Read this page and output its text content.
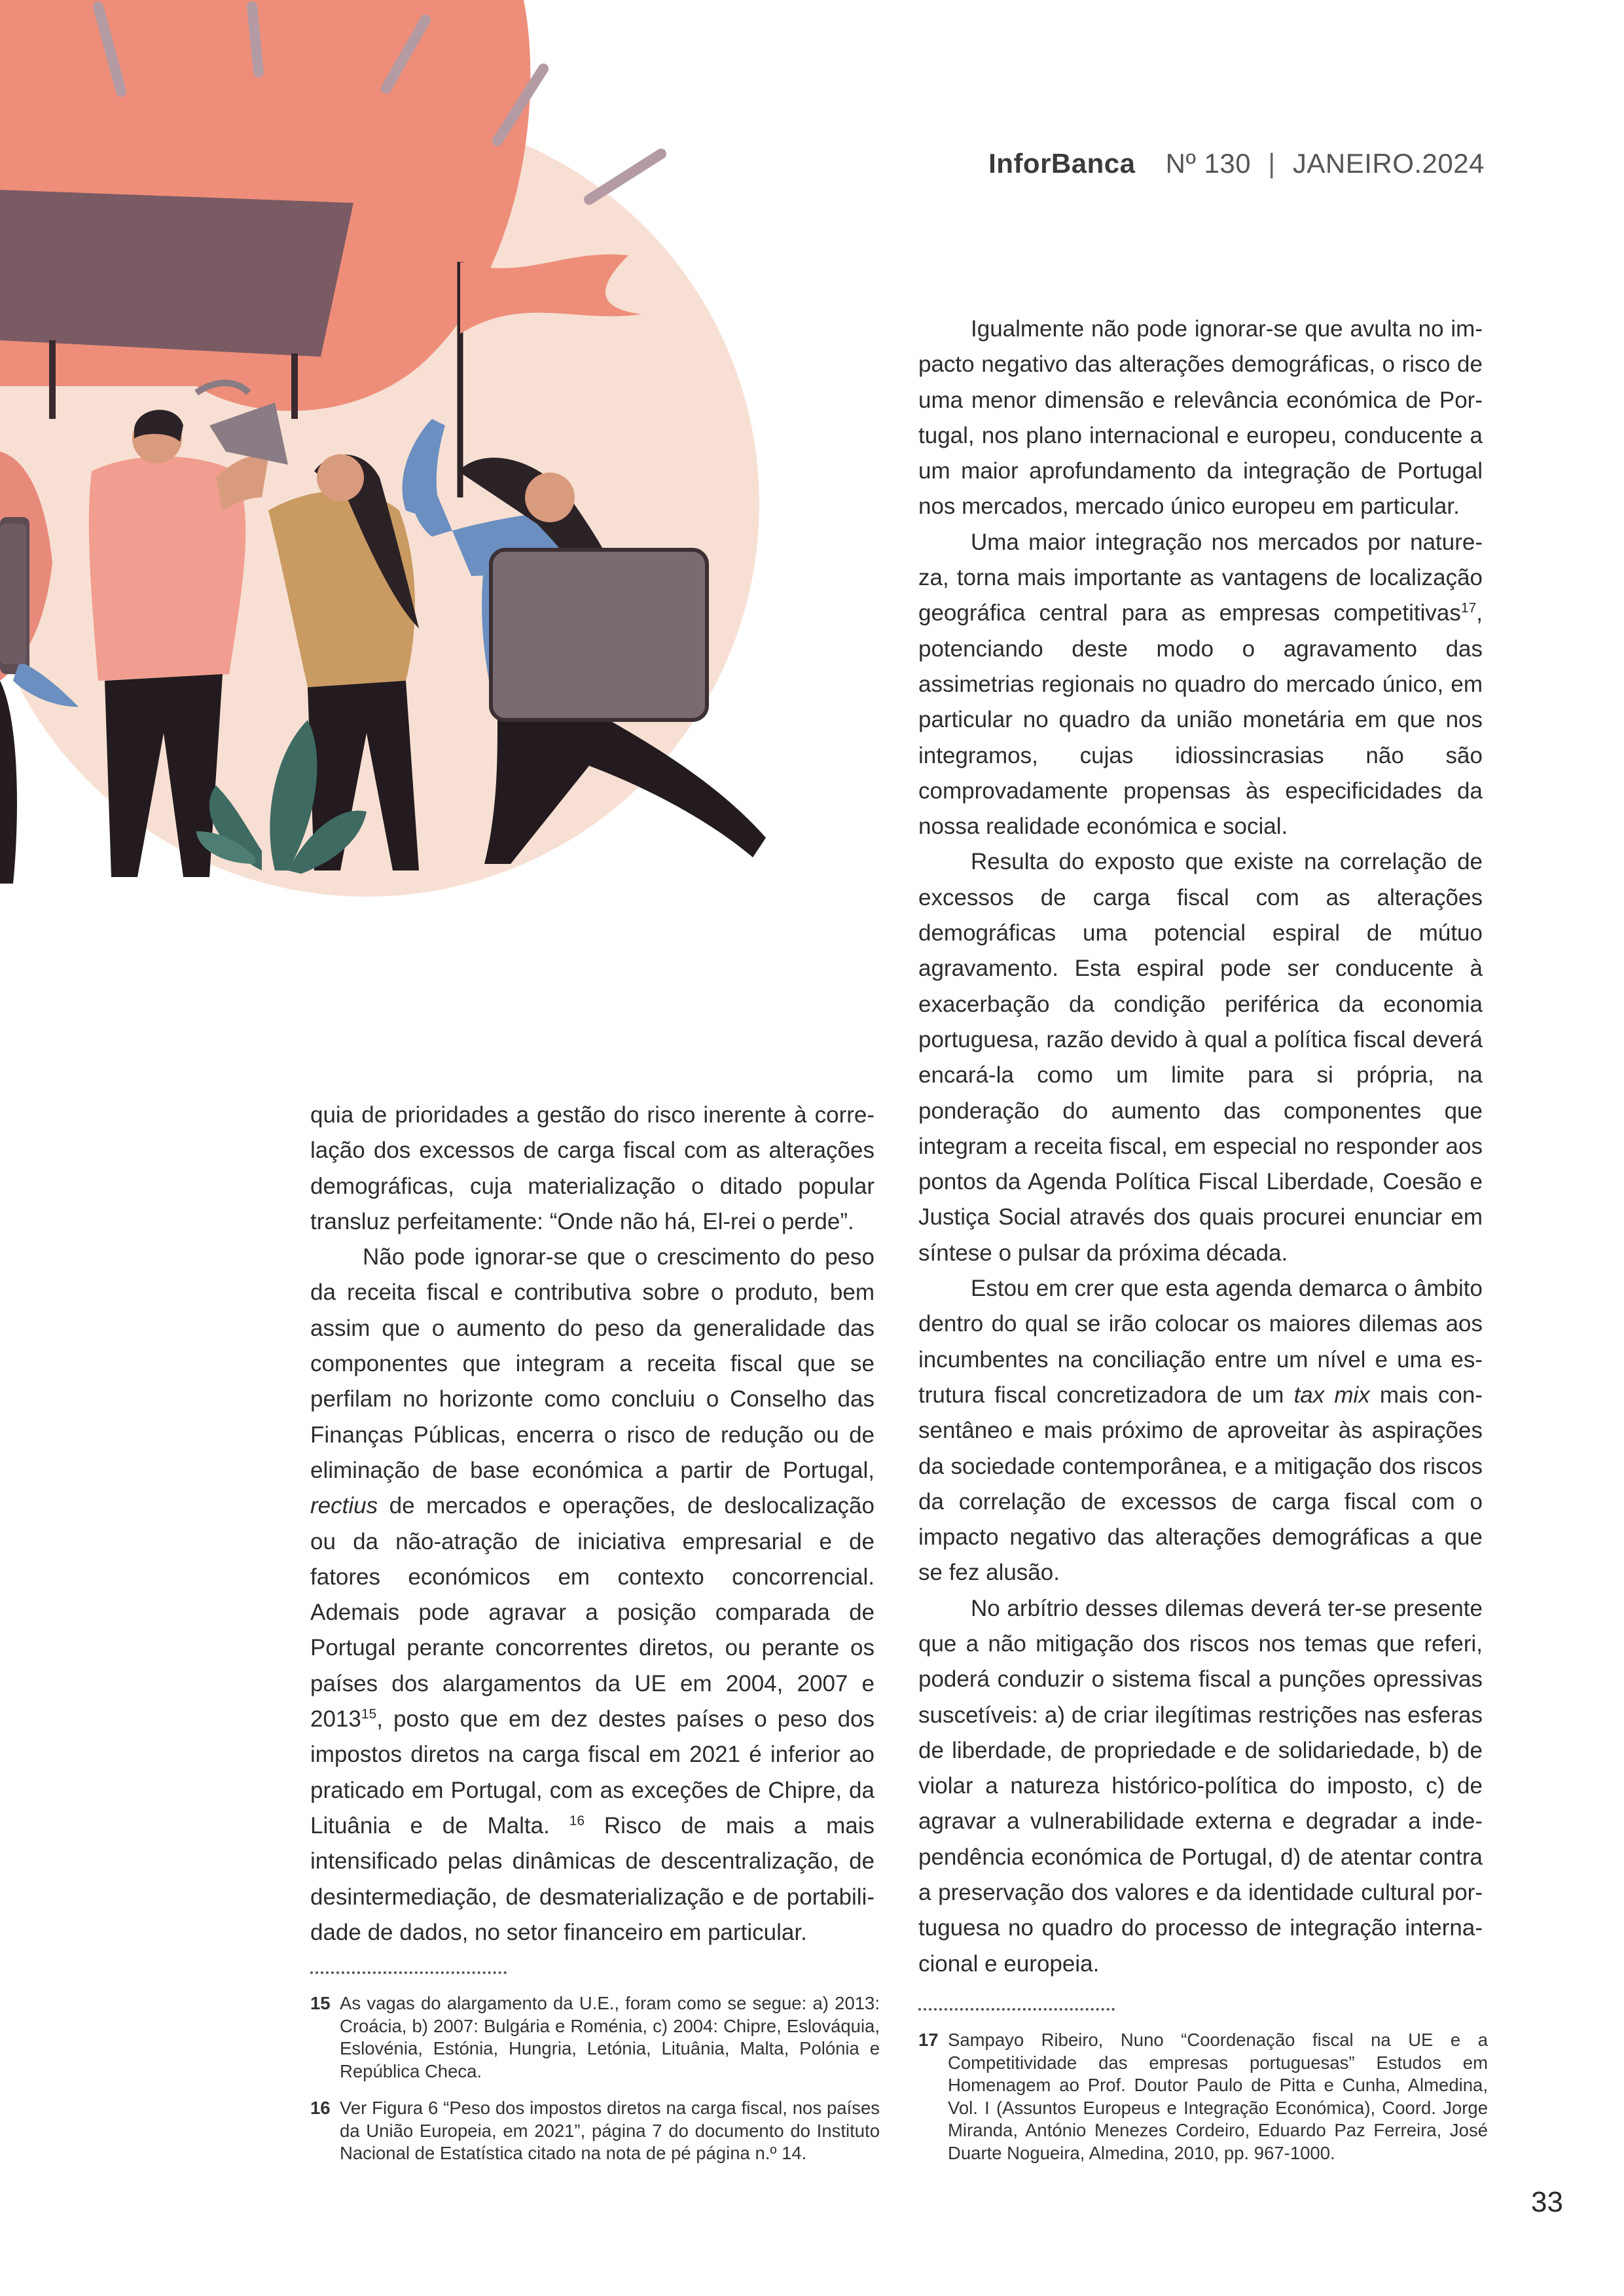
InforBanca Nº 130 | JANEIRO.2024

quia de prioridades a gestão do risco inerente à correlação dos excessos de carga fiscal com as alterações demográficas, cuja materialização o ditado popular transluz perfeitamente: “Onde não há, El-rei o perde”.

Não pode ignorar-se que o crescimento do peso da receita fiscal e contributiva sobre o produto, bem assim que o aumento do peso da generalidade das componentes que integram a receita fiscal que se perfilam no horizonte como concluiu o Conselho das Finanças Públicas, encerra o risco de redução ou de eliminação de base económica a partir de Portugal, rectius de mercados e operações, de deslocalização ou da não-atração de iniciativa empresarial e de fatores económicos em contexto concorrencial. Ademais pode agravar a posição comparada de Portugal perante concorrentes diretos, ou perante os países dos alargamentos da UE em 2004, 2007 e 2013$^{15}$, posto que em dez destes países o peso dos impostos diretos na carga fiscal em 2021 é inferior ao praticado em Portugal, com as exceções de Chipre, da Lituânia e de Malta. $^{16}$ Risco de mais a mais intensificado pelas dinâmicas de descentralização, de desintermediação, de desmaterialização e de portabilidade de dados, no setor financeiro em particular.

Igualmente não pode ignorar-se que avulta no impacto negativo das alterações demográficas, o risco de uma menor dimensão e relevância económica de Portugal, nos plano internacional e europeu, conducente a um maior aprofundamento da integração de Portugal nos mercados, mercado único europeu em particular.

Uma maior integração nos mercados por natureza, torna mais importante as vantagens de localização geográfica central para as empresas competitivas$^{17}$, potenciando deste modo o agravamento das assimetrias regionais no quadro do mercado único, em particular no quadro da união monetária em que nos integramos, cujas idiossincrasias não são comprovadamente propensas às especificidades da nossa realidade económica e social.

Resulta do exposto que existe na correlação de excessos de carga fiscal com as alterações demográficas uma potencial espiral de mútuo agravamento. Esta espiral pode ser conducente à exacerbação da condição periférica da economia portuguesa, razão devido à qual a política fiscal deverá encará-la como um limite para si própria, na ponderação do aumento das componentes que integram a receita fiscal, em especial no responder aos pontos da Agenda Política Fiscal Liberdade, Coesão e Justiça Social através dos quais procurei enunciar em síntese o pulsar da próxima década.

Estou em crer que esta agenda demarca o âmbito dentro do qual se irão colocar os maiores dilemas aos incumbentes na conciliação entre um nível e uma estrutura fiscal concretizadora de um tax mix mais consentâneo e mais próximo de aproveitar às aspirações da sociedade contemporânea, e a mitigação dos riscos da correlação de excessos de carga fiscal com o impacto negativo das alterações demográficas a que se fez alusão.

No arbítrio desses dilemas deverá ter-se presente que a não mitigação dos riscos nos temas que referi, poderá conduzir o sistema fiscal a punções opressivas suscetíveis: a) de criar ilegítimas restrições nas esferas de liberdade, de propriedade e de solidariedade, b) de violar a natureza histórico-política do imposto, c) de agravar a vulnerabilidade externa e degradar a independência económica de Portugal, d) de atentar contra a preservação dos valores e da identidade cultural portuguesa no quadro do processo de integração internacional e europeia.

15 As vagas do alargamento da U.E., foram como se segue: a) 2013: Croácia, b) 2007: Bulgária e Roménia, c) 2004: Chipre, Eslováquia, Eslovénia, Estónia, Hungria, Letónia, Lituânia, Malta, Polónia e República Checa.
16 Ver Figura 6 “Peso dos impostos diretos na carga fiscal, nos países da União Europeia, em 2021”, página 7 do documento do Instituto Nacional de Estatística citado na nota de pé página n.º 14.
17 Sampayo Ribeiro, Nuno “Coordenação fiscal na UE e a Competitividade das empresas portuguesas” Estudos em Homenagem ao Prof. Doutor Paulo de Pitta e Cunha, Almedina, Vol. I (Assuntos Europeus e Integração Económica), Coord. Jorge Miranda, António Menezes Cordeiro, Eduardo Paz Ferreira, José Duarte Nogueira, Almedina, 2010, pp. 967-1000.
33
